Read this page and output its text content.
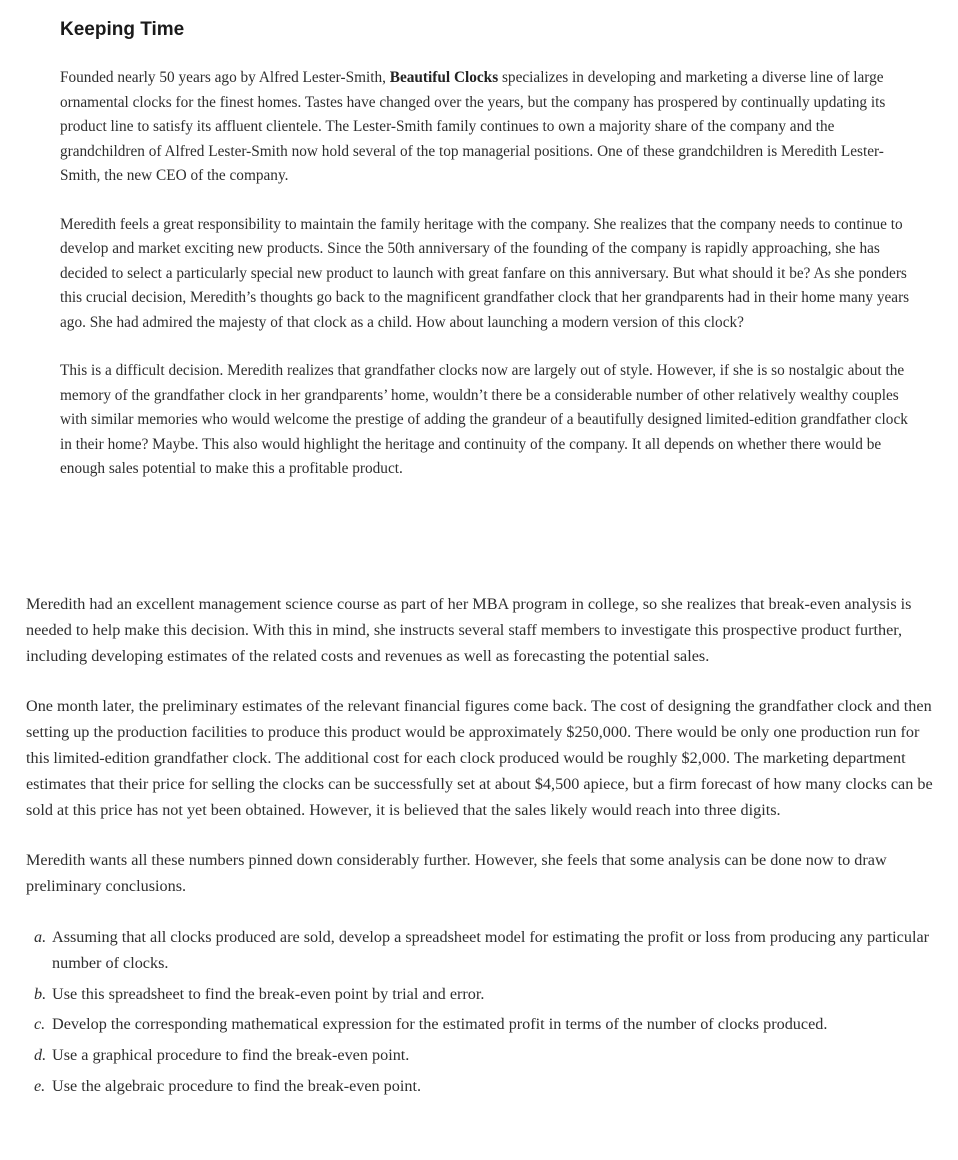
Keeping Time

Founded nearly 50 years ago by Alfred Lester-Smith, Beautiful Clocks specializes in developing and marketing a diverse line of large ornamental clocks for the finest homes. Tastes have changed over the years, but the company has prospered by continually updating its product line to satisfy its affluent clientele. The Lester-Smith family continues to own a majority share of the company and the grandchildren of Alfred Lester-Smith now hold several of the top managerial positions. One of these grandchildren is Meredith Lester-Smith, the new CEO of the company.

Meredith feels a great responsibility to maintain the family heritage with the company. She realizes that the company needs to continue to develop and market exciting new products. Since the 50th anniversary of the founding of the company is rapidly approaching, she has decided to select a particularly special new product to launch with great fanfare on this anniversary. But what should it be? As she ponders this crucial decision, Meredith’s thoughts go back to the magnificent grandfather clock that her grandparents had in their home many years ago. She had admired the majesty of that clock as a child. How about launching a modern version of this clock?

This is a difficult decision. Meredith realizes that grandfather clocks now are largely out of style. However, if she is so nostalgic about the memory of the grandfather clock in her grandparents’ home, wouldn’t there be a considerable number of other relatively wealthy couples with similar memories who would welcome the prestige of adding the grandeur of a beautifully designed limited-edition grandfather clock in their home? Maybe. This also would highlight the heritage and continuity of the company. It all depends on whether there would be enough sales potential to make this a profitable product.

Meredith had an excellent management science course as part of her MBA program in college, so she realizes that break-even analysis is needed to help make this decision. With this in mind, she instructs several staff members to investigate this prospective product further, including developing estimates of the related costs and revenues as well as forecasting the potential sales.

One month later, the preliminary estimates of the relevant financial figures come back. The cost of designing the grandfather clock and then setting up the production facilities to produce this product would be approximately $250,000. There would be only one production run for this limited-edition grandfather clock. The additional cost for each clock produced would be roughly $2,000. The marketing department estimates that their price for selling the clocks can be successfully set at about $4,500 apiece, but a firm forecast of how many clocks can be sold at this price has not yet been obtained. However, it is believed that the sales likely would reach into three digits.

Meredith wants all these numbers pinned down considerably further. However, she feels that some analysis can be done now to draw preliminary conclusions.

a. Assuming that all clocks produced are sold, develop a spreadsheet model for estimating the profit or loss from producing any particular number of clocks.
b. Use this spreadsheet to find the break-even point by trial and error.
c. Develop the corresponding mathematical expression for the estimated profit in terms of the number of clocks produced.
d. Use a graphical procedure to find the break-even point.
e. Use the algebraic procedure to find the break-even point.
